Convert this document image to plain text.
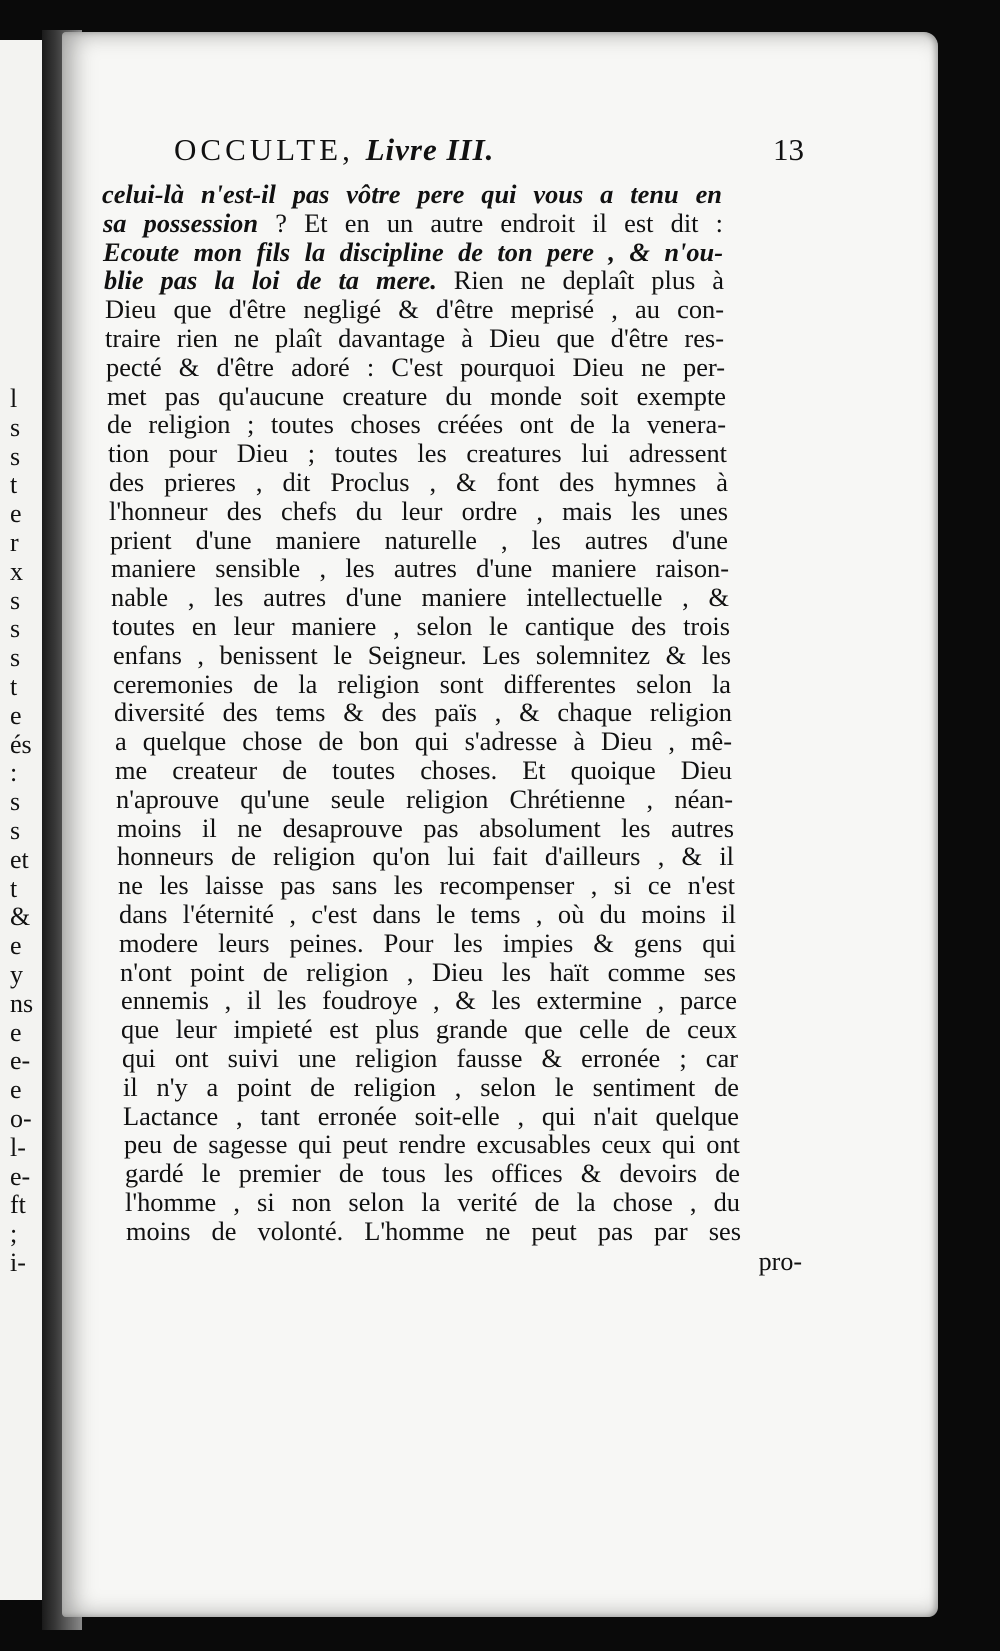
l
s
s
t
e
r
x
s
s
s
t
e
és
:
s
s
et
t
&
e
y
ns
e
e-
e
o-
l-
e-
ft
;
i-
OCCULTE, Livre III.	13
celui-là n'est-il pas vôtre pere qui vous a tenu en
sa possession ? Et en un autre endroit il est dit :
Ecoute mon fils la discipline de ton pere , & n'ou-
blie pas la loi de ta mere. Rien ne deplaît plus à
Dieu que d'être negligé & d'être meprisé , au con-
traire rien ne plaît davantage à Dieu que d'être res-
pecté & d'être adoré : C'est pourquoi Dieu ne per-
met pas qu'aucune creature du monde soit exempte
de religion ; toutes choses créées ont de la venera-
tion pour Dieu ; toutes les creatures lui adressent
des prieres , dit Proclus , & font des hymnes à
l'honneur des chefs du leur ordre , mais les unes
prient d'une maniere naturelle , les autres d'une
maniere sensible , les autres d'une maniere raison-
nable , les autres d'une maniere intellectuelle , &
toutes en leur maniere , selon le cantique des trois
enfans , benissent le Seigneur. Les solemnitez & les
ceremonies de la religion sont differentes selon la
diversité des tems & des païs , & chaque religion
a quelque chose de bon qui s'adresse à Dieu , mê-
me createur de toutes choses. Et quoique Dieu
n'aprouve qu'une seule religion Chrétienne , néan-
moins il ne desaprouve pas absolument les autres
honneurs de religion qu'on lui fait d'ailleurs , & il
ne les laisse pas sans les recompenser , si ce n'est
dans l'éternité , c'est dans le tems , où du moins il
modere leurs peines. Pour les impies & gens qui
n'ont point de religion , Dieu les haït comme ses
ennemis , il les foudroye , & les extermine , parce
que leur impieté est plus grande que celle de ceux
qui ont suivi une religion fausse & erronée ; car
il n'y a point de religion , selon le sentiment de
Lactance , tant erronée soit-elle , qui n'ait quelque
peu de sagesse qui peut rendre excusables ceux qui ont
gardé le premier de tous les offices & devoirs de
l'homme , si non selon la verité de la chose , du
moins de volonté. L'homme ne peut pas par ses
pro-
